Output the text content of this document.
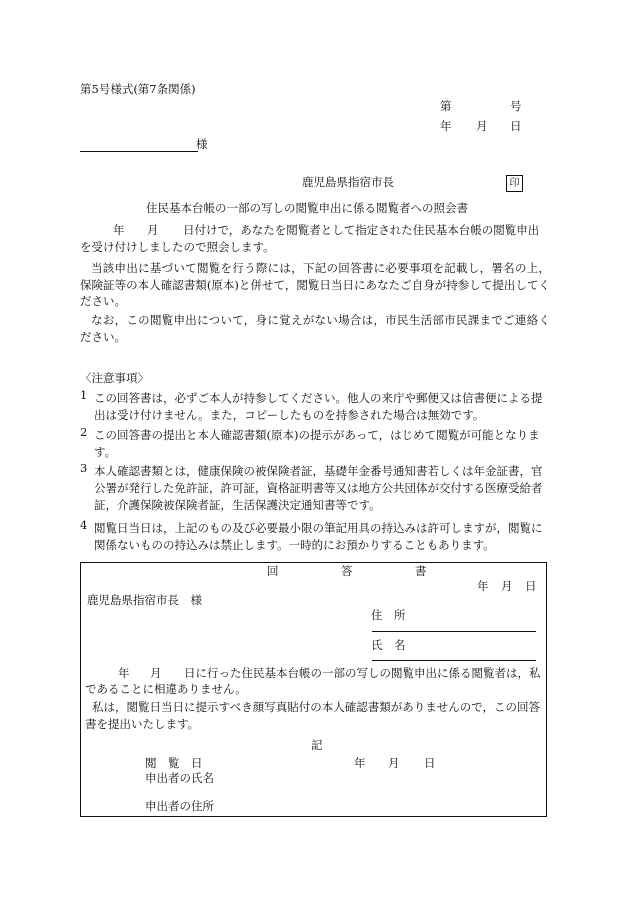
第5号様式(第7条関係)
第	号
年 月 日
様
鹿児島県指宿市長	印
住民基本台帳の一部の写しの閲覧申出に係る閲覧者への照会書
年 月 日付けで，あなたを閲覧者として指定された住民基本台帳の閲覧申出
を受け付けしましたので照会します。
当該申出に基づいて閲覧を行う際には，下記の回答書に必要事項を記載し，署名の上，保険証等の本人確認書類(原本)と併せて，閲覧日当日にあなたご自身が持参して提出してください。
なお，この閲覧申出について，身に覚えがない場合は，市民生活部市民課までご連絡ください。
〈注意事項〉
1 この回答書は，必ずご本人が持参してください。他人の来庁や郵便又は信書便による提出は受け付けません。また，コピーしたものを持参された場合は無効です。
2 この回答書の提出と本人確認書類(原本)の提示があって，はじめて閲覧が可能となります。
3 本人確認書類とは，健康保険の被保険者証，基礎年金番号通知書若しくは年金証書，官公署が発行した免許証，許可証，資格証明書等又は地方公共団体が交付する医療受給者証，介護保険被保険者証，生活保護決定通知書等です。
4 閲覧日当日は，上記のもの及び必要最小限の筆記用具の持込みは許可しますが，閲覧に関係ないものの持込みは禁止します。一時的にお預かりすることもあります。
回	答	書
年 月 日
鹿児島県指宿市長　様
住　所
氏　名
年 月 日に行った住民基本台帳の一部の写しの閲覧申出に係る閲覧者は，私
であることに相違ありません。
私は，閲覧日当日に提示すべき顔写真貼付の本人確認書類がありませんので，この回答書を提出いたします。
記
閲　覧　日	年 月 日
申出者の氏名
申出者の住所
